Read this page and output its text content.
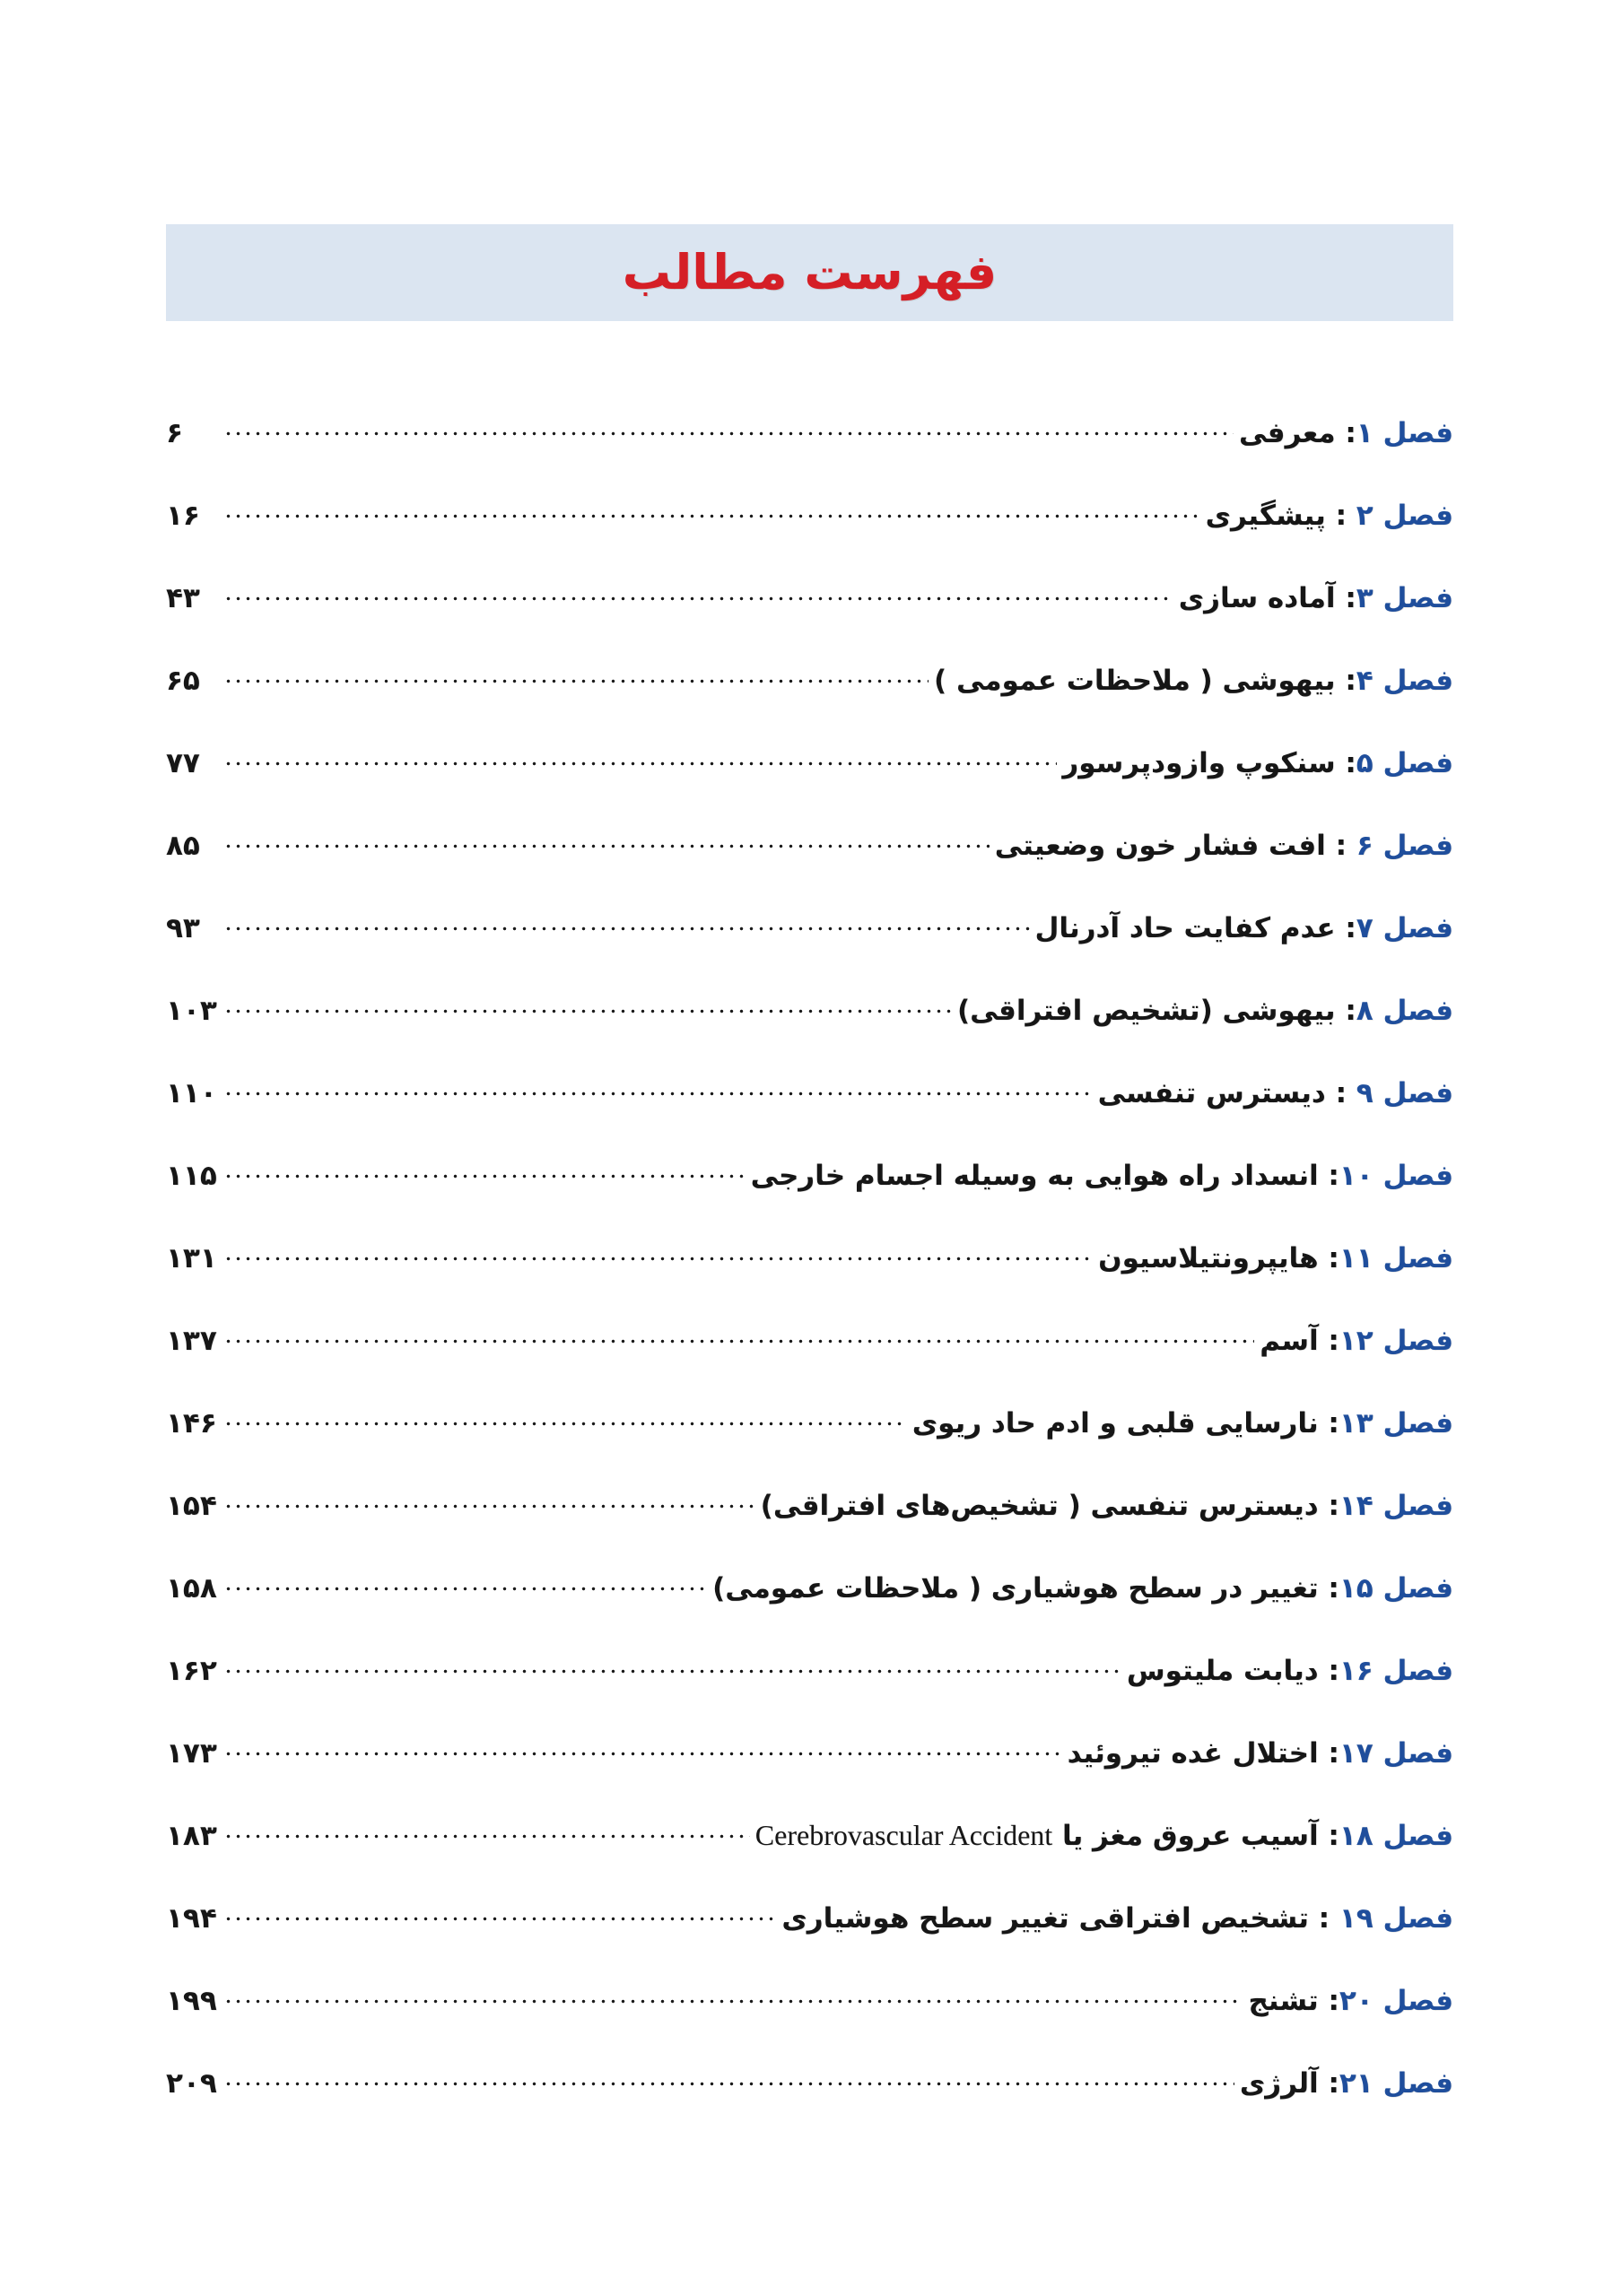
فهرست مطالب
فصل ۱: معرفی
۶
فصل ۲ : پیشگیری
۱۶
فصل ۳: آماده سازی
۴۳
فصل ۴: بیهوشی ( ملاحظات عمومی )
۶۵
فصل ۵: سنکوپ وازودپرسور
۷۷
فصل ۶ : افت فشار خون وضعیتی
۸۵
فصل ۷: عدم کفایت حاد آدرنال
۹۳
فصل ۸: بیهوشی (تشخیص افتراقی)
۱۰۳
فصل ۹ : دیسترس تنفسی
۱۱۰
فصل ۱۰: انسداد راه هوایی به وسیله اجسام خارجی
۱۱۵
فصل ۱۱: هایپرونتیلاسیون
۱۳۱
فصل ۱۲: آسم
۱۳۷
فصل ۱۳: نارسایی قلبی و ادم حاد ریوی
۱۴۶
فصل ۱۴: دیسترس تنفسی ( تشخیص‌های افتراقی)
۱۵۴
فصل ۱۵: تغییر در سطح هوشیاری ( ملاحظات عمومی)
۱۵۸
فصل ۱۶: دیابت ملیتوس
۱۶۲
فصل ۱۷: اختلال غده تیروئید
۱۷۳
فصل ۱۸: آسیب عروق مغز یا Cerebrovascular Accident
۱۸۳
فصل ۱۹ : تشخیص افتراقی تغییر سطح هوشیاری
۱۹۴
فصل ۲۰: تشنج
۱۹۹
فصل ۲۱: آلرژی
۲۰۹
